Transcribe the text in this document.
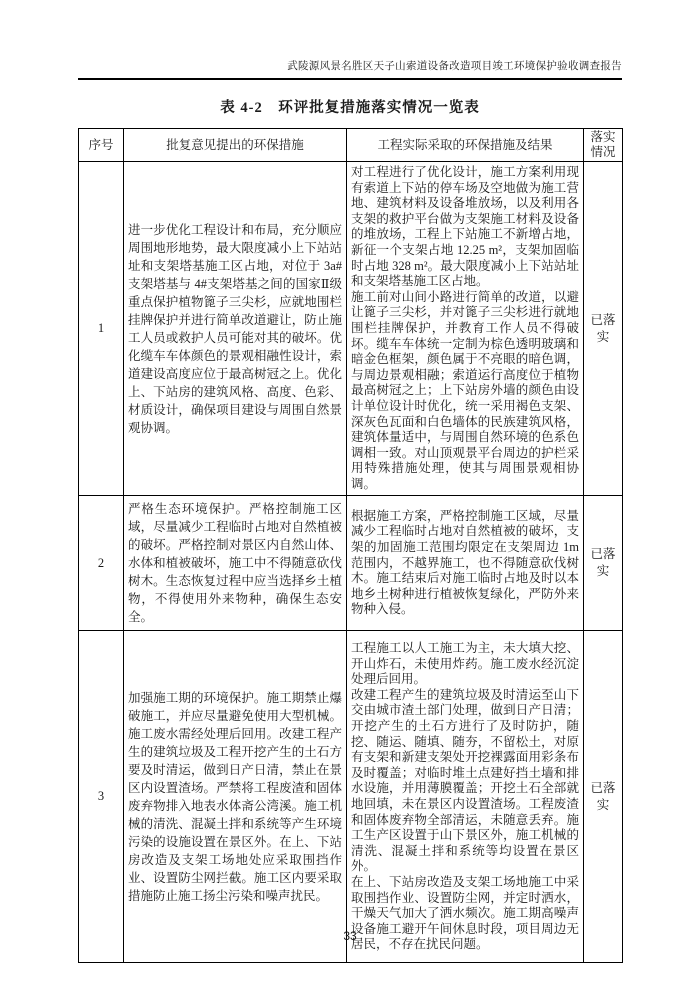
武陵源风景名胜区天子山索道设备改造项目竣工环境保护验收调查报告
表 4-2　环评批复措施落实情况一览表
序号	批复意见提出的环保措施	工程实际采取的环保措施及结果	落实情况
1	进一步优化工程设计和布局，充分顺应周围地形地势，最大限度减小上下站站址和支架塔基施工区占地，对位于 3a#支架塔基与 4#支架塔基之间的国家Ⅱ级重点保护植物篦子三尖杉，应就地围栏挂牌保护并进行简单改道避让，防止施工人员或救护人员可能对其的破坏。优化缆车车体颜色的景观相融性设计，索道建设高度应位于最高树冠之上。优化上、下站房的建筑风格、高度、色彩、材质设计，确保项目建设与周围自然景观协调。	对工程进行了优化设计，施工方案利用现有索道上下站的停车场及空地做为施工营地、建筑材料及设备堆放场，以及利用各支架的救护平台做为支架施工材料及设备的堆放场，工程上下站施工不新增占地，新征一个支架占地 12.25 m²，支架加固临时占地 328 m²。最大限度减小上下站站址和支架塔基施工区占地。

施工前对山间小路进行简单的改道，以避让篦子三尖杉，并对篦子三尖杉进行就地围栏挂牌保护，并教育工作人员不得破坏。缆车车体统一定制为棕色透明玻璃和暗金色框架，颜色属于不亮眼的暗色调，与周边景观相融；索道运行高度位于植物最高树冠之上；上下站房外墙的颜色由设计单位设计时优化，统一采用褐色支架、深灰色瓦面和白色墙体的民族建筑风格，建筑体量适中，与周围自然环境的色系色调相一致。对山顶观景平台周边的护栏采用特殊措施处理，使其与周围景观相协调。	已落实
2	严格生态环境保护。严格控制施工区域，尽量减少工程临时占地对自然植被的破坏。严格控制对景区内自然山体、水体和植被破坏，施工中不得随意砍伐树木。生态恢复过程中应当选择乡土植物，不得使用外来物种，确保生态安全。	根据施工方案，严格控制施工区域，尽量减少工程临时占地对自然植被的破坏，支架的加固施工范围均限定在支架周边 1m 范围内，不越界施工，也不得随意砍伐树木。施工结束后对施工临时占地及时以本地乡土树种进行植被恢复绿化，严防外来物种入侵。	已落实
3	加强施工期的环境保护。施工期禁止爆破施工，并应尽量避免使用大型机械。施工废水需经处理后回用。改建工程产生的建筑垃圾及工程开挖产生的土石方要及时清运，做到日产日清，禁止在景区内设置渣场。严禁将工程废渣和固体废弃物排入地表水体斋公湾溪。施工机械的清洗、混凝土拌和系统等产生环境污染的设施设置在景区外。在上、下站房改造及支架工场地处应采取围挡作业、设置防尘网拦截。施工区内要采取措施防止施工扬尘污染和噪声扰民。	

工程施工以人工施工为主，未大填大挖、开山炸石，未使用炸药。施工废水经沉淀处理后回用。

改建工程产生的建筑垃圾及时清运至山下交由城市渣土部门处理，做到日产日清；开挖产生的土石方进行了及时防护，随挖、随运、随填、随夯，不留松土，对原有支架和新建支架处开挖裸露面用彩条布及时覆盖；对临时堆土点建好挡土墙和排水设施，并用薄膜覆盖；开挖土石全部就地回填，未在景区内设置渣场。工程废渣和固体废弃物全部清运，未随意丢弃。施工生产区设置于山下景区外，施工机械的清洗、混凝土拌和系统等均设置在景区外。

在上、下站房改造及支架工场地施工中采取围挡作业、设置防尘网，并定时洒水，干燥天气加大了洒水频次。施工期高噪声设备施工避开午间休息时段，项目周边无居民，不存在扰民问题。

	已落实
33
